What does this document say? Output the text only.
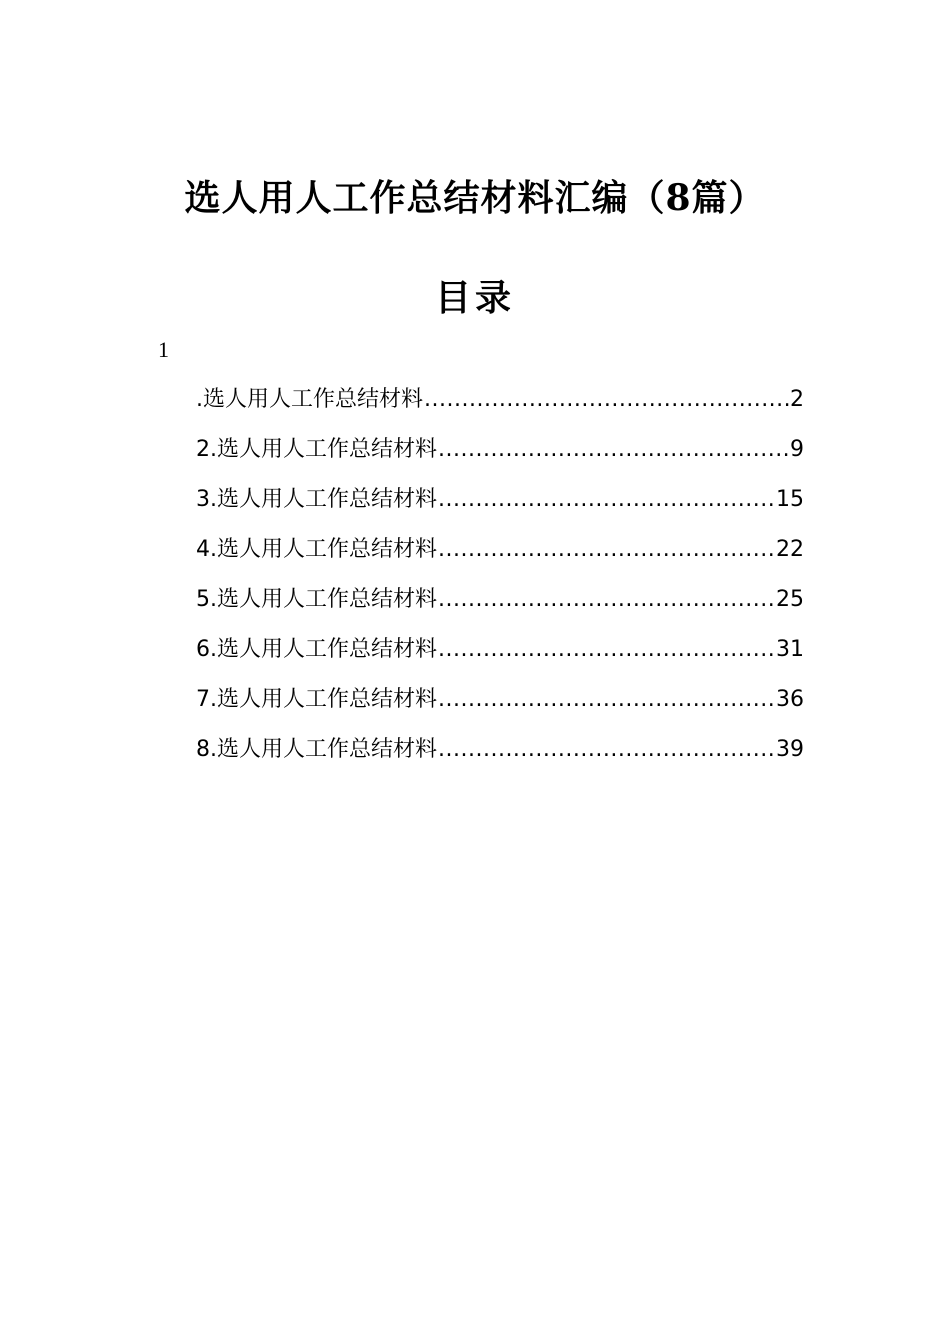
选人用人工作总结材料汇编（8篇）
目录
1
.选人用人工作总结材料 .....	2
2.选人用人工作总结材料 .....	9
3.选人用人工作总结材料 .....	15
4.选人用人工作总结材料 .....	22
5.选人用人工作总结材料 .....	25
6.选人用人工作总结材料 .....	31
7.选人用人工作总结材料 .....	36
8.选人用人工作总结材料 .....	39
